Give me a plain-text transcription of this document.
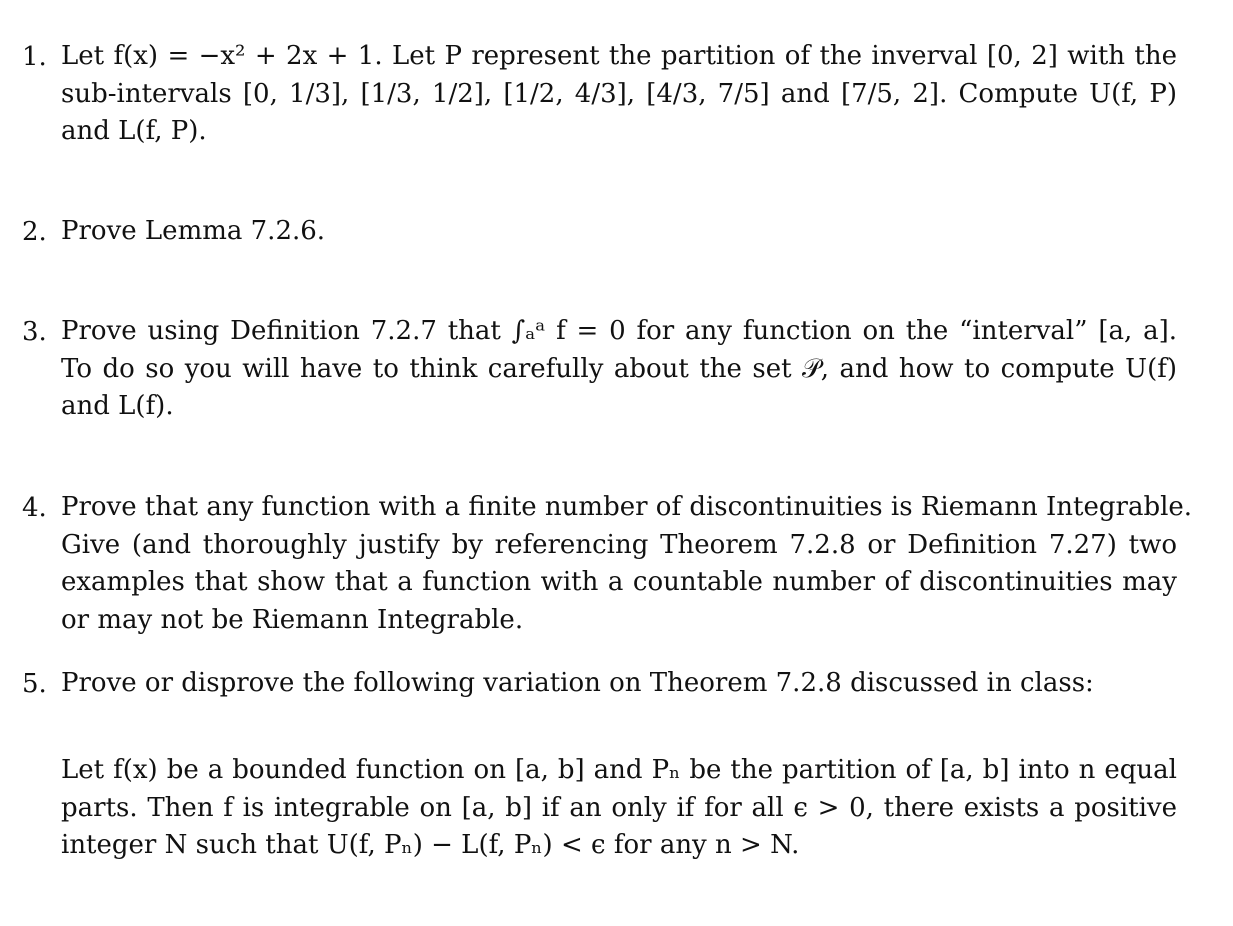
1. Let f(x) = −x² + 2x + 1. Let P represent the partition of the inverval [0, 2] with the
sub-intervals [0, 1/3], [1/3, 1/2], [1/2, 4/3], [4/3, 7/5] and [7/5, 2]. Compute U(f, P)
and L(f, P).
2. Prove Lemma 7.2.6.
3. Prove using Definition 7.2.7 that ∫ₐᵃ f = 0 for any function on the “interval” [a, a].
To do so you will have to think carefully about the set 𝒫, and how to compute U(f)
and L(f).
4. Prove that any function with a finite number of discontinuities is Riemann Integrable.
Give (and thoroughly justify by referencing Theorem 7.2.8 or Definition 7.27) two
examples that show that a function with a countable number of discontinuities may
or may not be Riemann Integrable.
5. Prove or disprove the following variation on Theorem 7.2.8 discussed in class:
Let f(x) be a bounded function on [a, b] and Pₙ be the partition of [a, b] into n equal
parts. Then f is integrable on [a, b] if an only if for all ϵ > 0, there exists a positive
integer N such that U(f, Pₙ) − L(f, Pₙ) < ϵ for any n > N.
